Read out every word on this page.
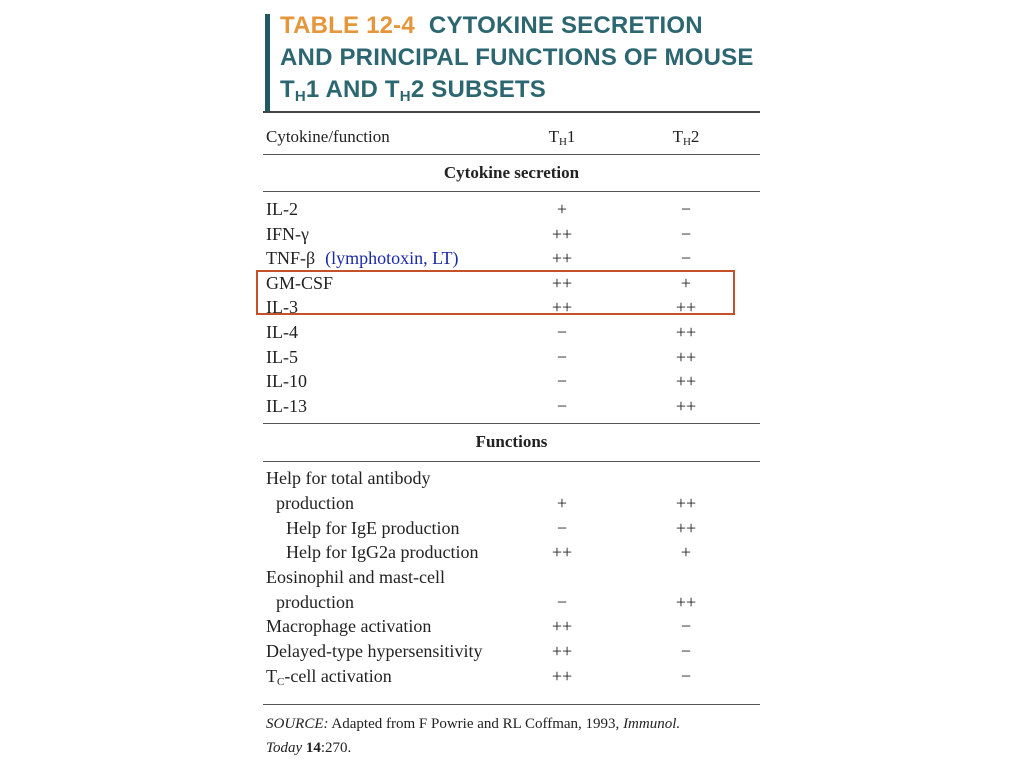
TABLE 12-4 CYTOKINE SECRETION
AND PRINCIPAL FUNCTIONS OF MOUSE
$T_H1$ AND $T_H2$ SUBSETS
Cytokine/function	$T_H1$	$T_H2$
Cytokine secretion
IL-2	+	−
IFN-γ	++	−
TNF-β (lymphotoxin, LT)	++	−
GM-CSF	++	+
IL-3	++	++
IL-4	−	++
IL-5	−	++
IL-10	−	++
IL-13	−	++
Functions
Help for total antibody
production	+	++
Help for IgE production	−	++
Help for IgG2a production	++	+
Eosinophil and mast-cell
production	−	++
Macrophage activation	++	−
Delayed-type hypersensitivity	++	−
$T_C$-cell activation	++	−
SOURCE: Adapted from F Powrie and RL Coffman, 1993, Immunol.
Today 14:270.
